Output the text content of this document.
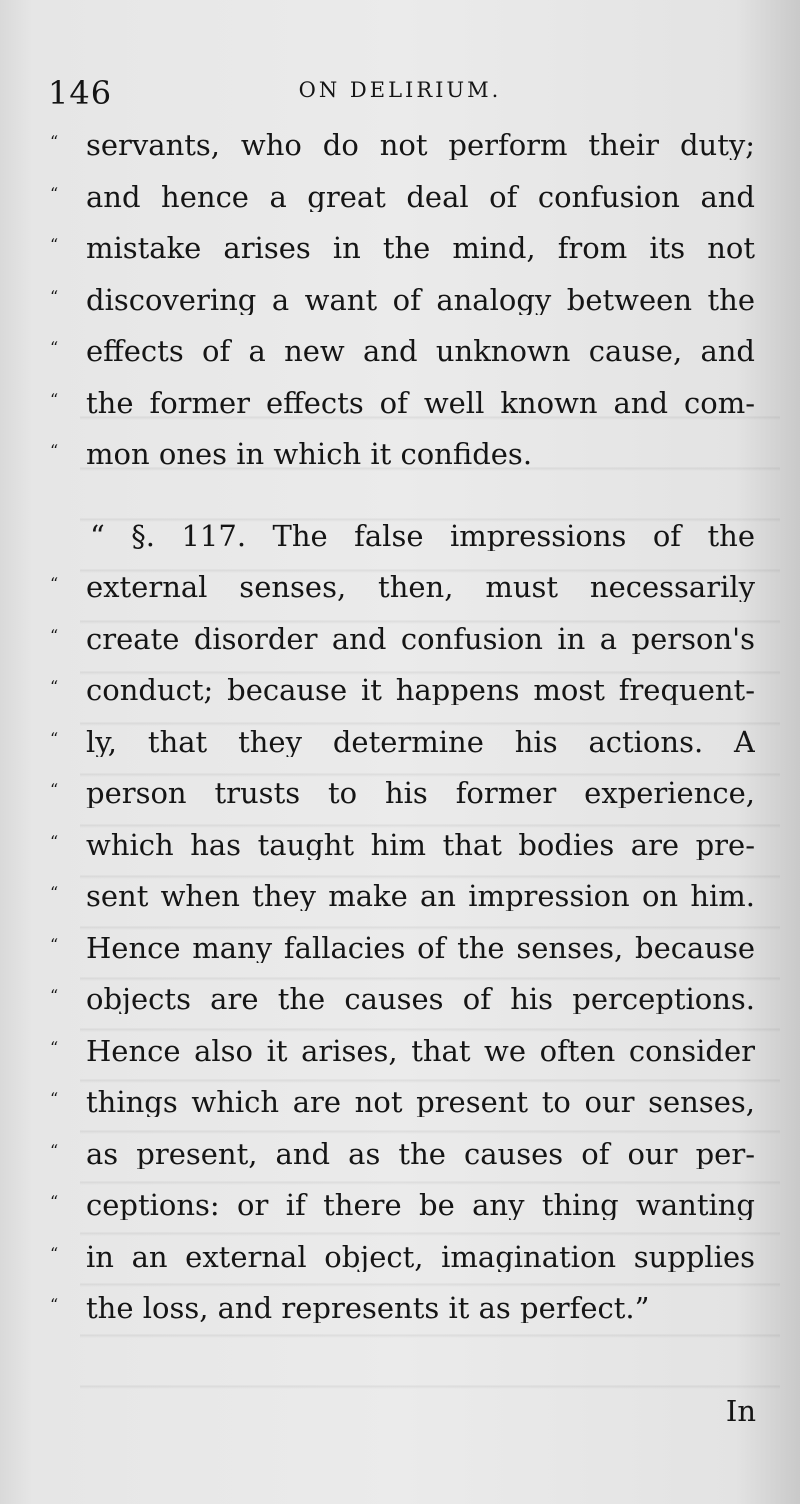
146	ON DELIRIUM.
“ servants, who do not perform their duty;
“ and hence a great deal of confusion and
“ mistake arises in the mind, from its not
“ discovering a want of analogy between the
“ effects of a new and unknown cause, and
“ the former effects of well known and com-
“ mon ones in which it confides.
“ §. 117. The false impressions of the
“ external senses, then, must necessarily
“ create disorder and confusion in a person's
“ conduct; because it happens most frequent-
“ ly, that they determine his actions. A
“ person trusts to his former experience,
“ which has taught him that bodies are pre-
“ sent when they make an impression on him.
“ Hence many fallacies of the senses, because
“ objects are the causes of his perceptions.
“ Hence also it arises, that we often consider
“ things which are not present to our senses,
“ as present, and as the causes of our per-
“ ceptions: or if there be any thing wanting
“ in an external object, imagination supplies
“ the loss, and represents it as perfect.”
In
